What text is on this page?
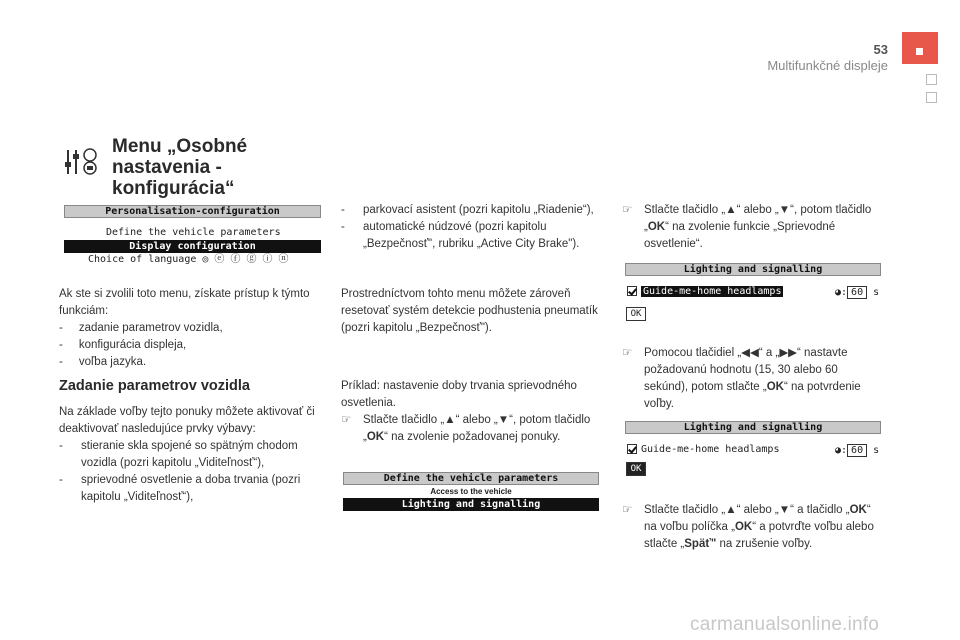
53
Multifunkčné displeje
Menu „Osobné nastavenia - konfigurácia“
Personalisation-configuration
Define the vehicle parameters
Display configuration
Choice of language ◎ ⓔ ⓕ ⓖ ⓘ ⓝ

Ak ste si zvolili toto menu, získate prístup k týmto funkciám:

-     zadanie parametrov vozidla,

-     konfigurácia displeja,

-     voľba jazyka.

Zadanie parametrov vozidla

Na základe voľby tejto ponuky môžete aktivovať či deaktivovať nasledujúce prvky výbavy:

-	stieranie skla spojené so spätným chodom vozidla (pozri kapitolu „Viditeľnosť“),

-	sprievodné osvetlenie a doba trvania (pozri kapitolu „Viditeľnosť“),

-	parkovací asistent (pozri kapitolu „Riadenie“),

-	automatické núdzové (pozri kapitolu „Bezpečnosť", rubriku „Active City Brake").

Prostredníctvom tohto menu môžete zároveň resetovať systém detekcie podhustenia pneumatík (pozri kapitolu „Bezpečnosť").

Príklad: nastavenie doby trvania sprievodného osvetlenia.

☞	Stlačte tlačidlo „▲“ alebo „▼“, potom tlačidlo „OK“ na zvolenie požadovanej ponuky.

Define the vehicle parameters
Access to the vehicle
Lighting and signalling

☞	Stlačte tlačidlo „▲“ alebo „▼“, potom tlačidlo „OK“ na zvolenie funkcie „Sprievodné osvetlenie“.

Lighting and signalling
Guide-me-home headlamps	◕: 60 s
OK

☞	Pomocou tlačidiel „◀◀“ a „▶▶“ nastavte požadovanú hodnotu (15, 30 alebo 60 sekúnd), potom stlačte „OK“ na potvrdenie voľby.

Lighting and signalling
Guide-me-home headlamps	◕: 60 s
OK

☞	Stlačte tlačidlo „▲“ alebo „▼“ a tlačidlo „OK“ na voľbu políčka „OK“ a potvrďte voľbu alebo stlačte „Späť" na zrušenie voľby.

carmanualsonline.info
